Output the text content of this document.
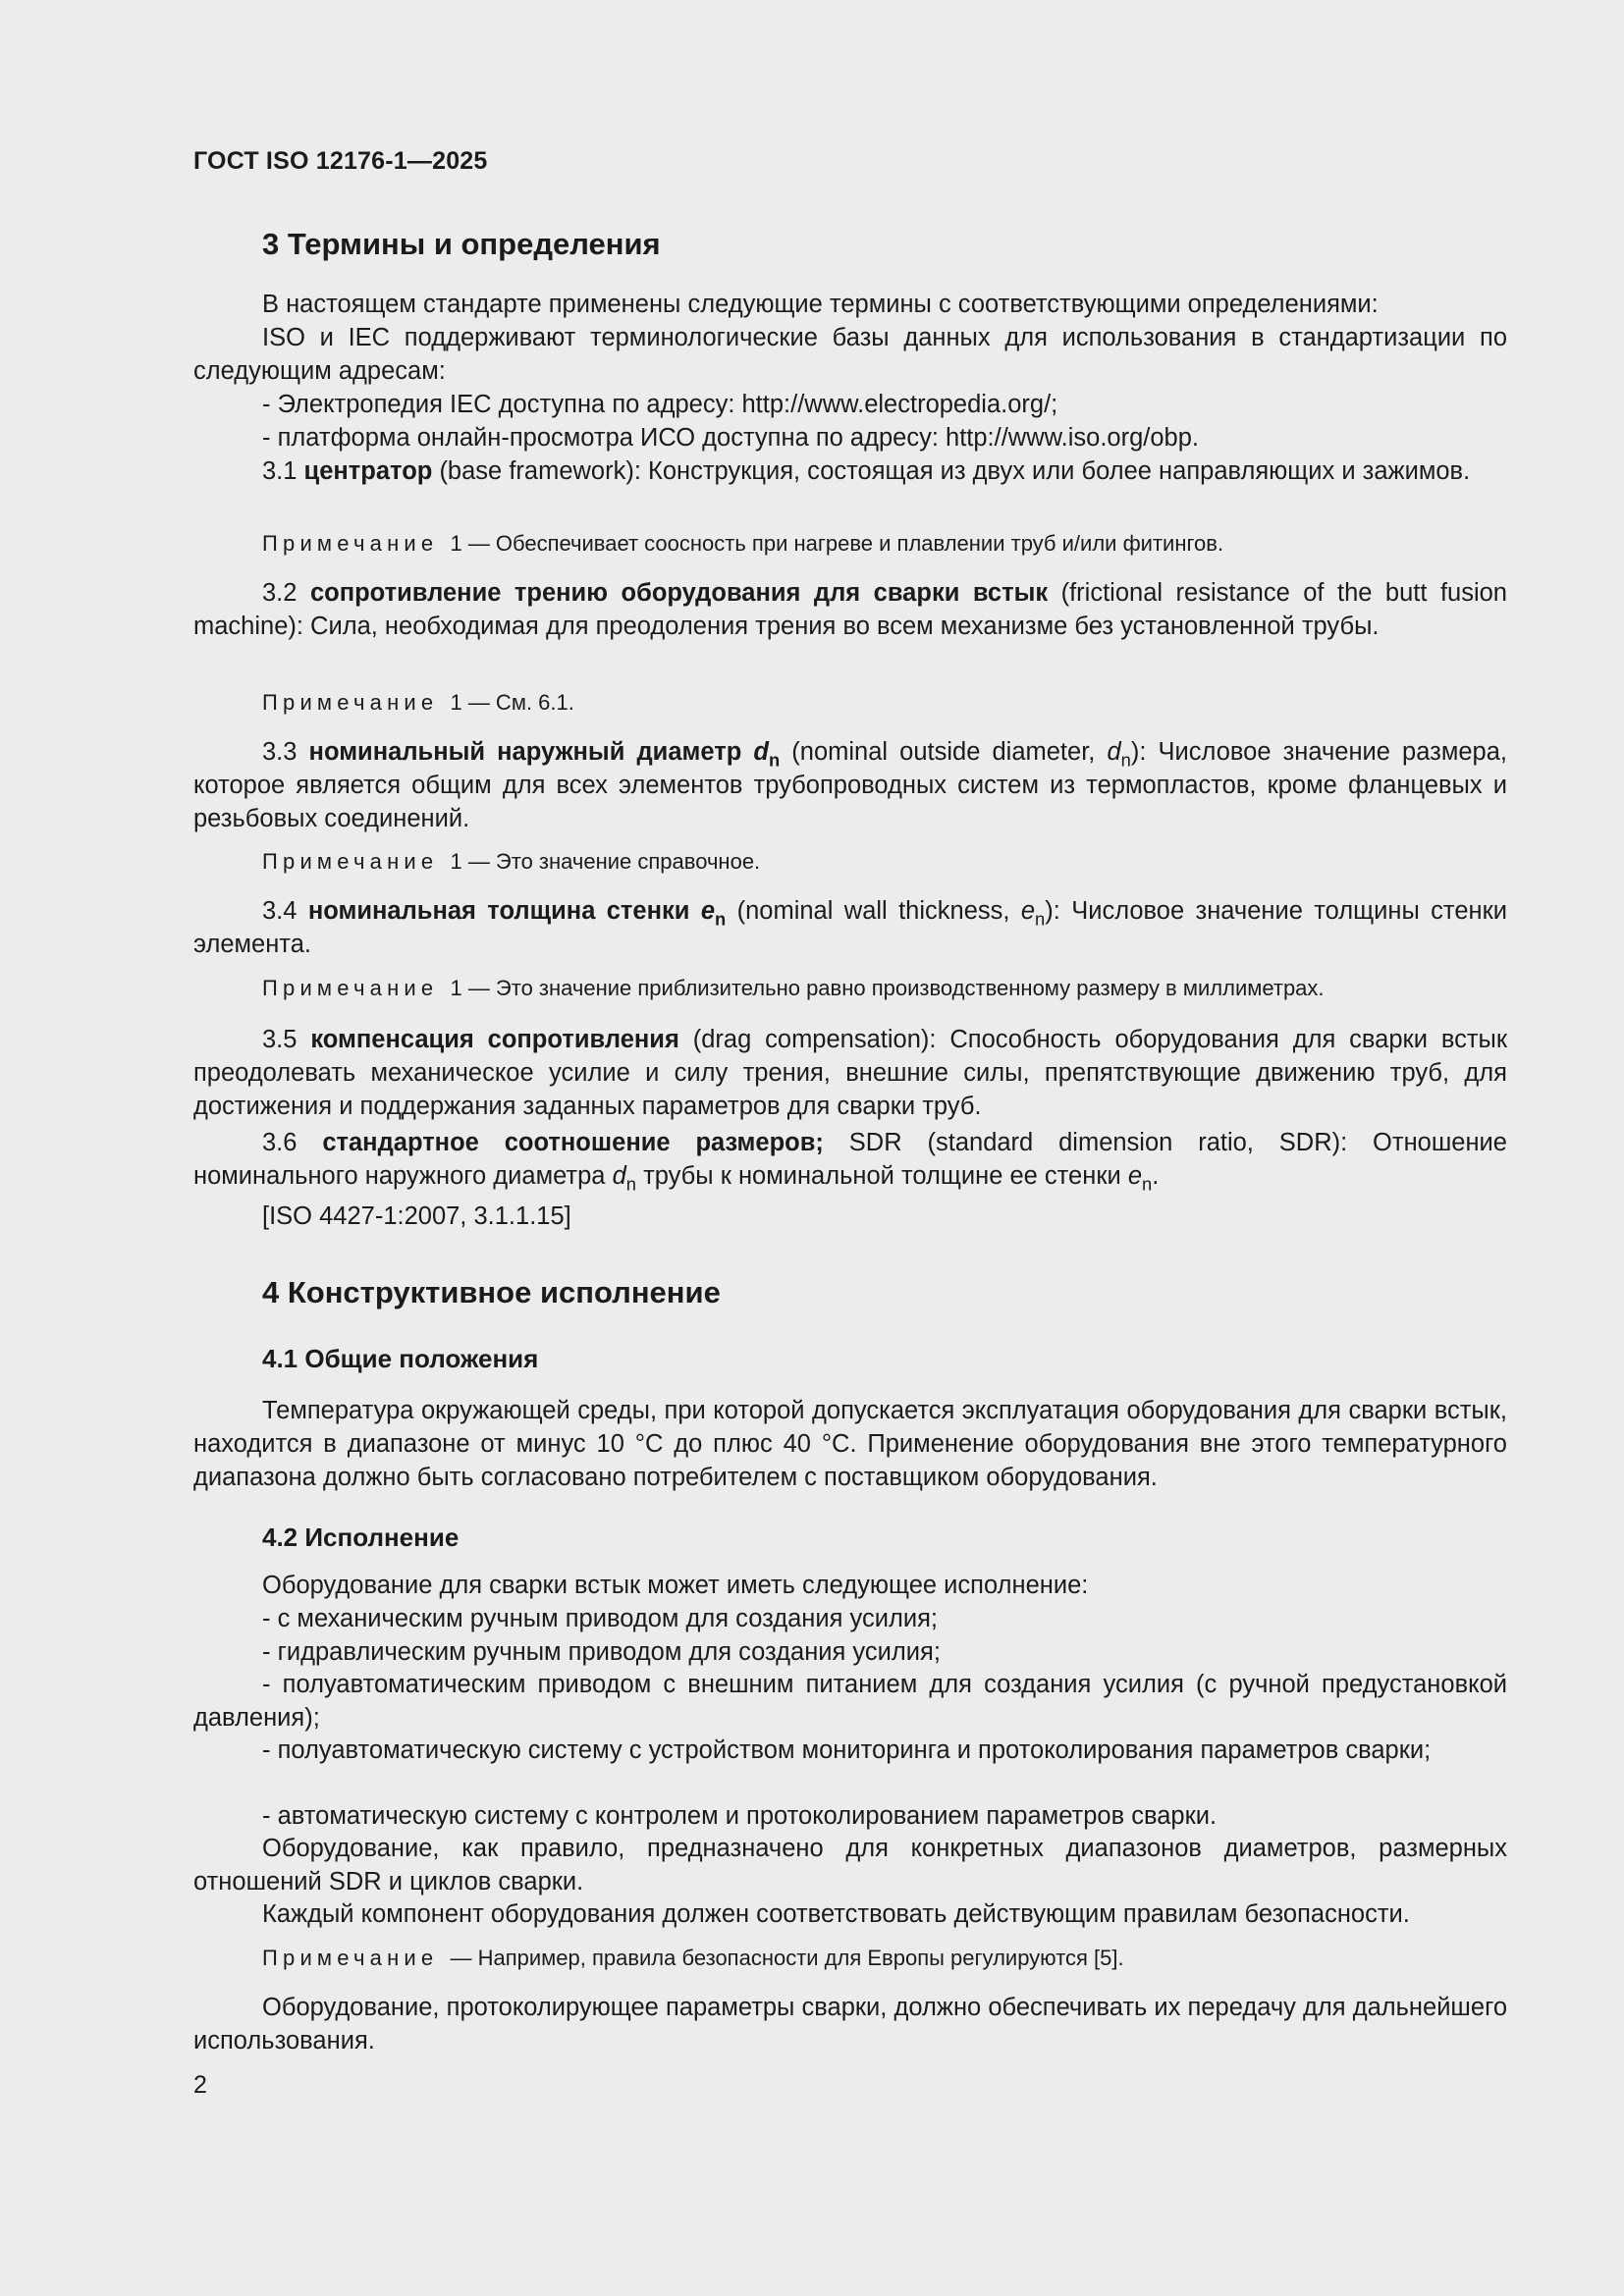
ГОСТ ISO 12176-1—2025
3 Термины и определения

В настоящем стандарте применены следующие термины с соответствующими определениями:

ISO и IEC поддерживают терминологические базы данных для использования в стандартизации по следующим адресам:

- Электропедия IEC доступна по адресу: http://www.electropedia.org/;

- платформа онлайн-просмотра ИСО доступна по адресу: http://www.iso.org/obp.

3.1 центратор (base framework): Конструкция, состоящая из двух или более направляющих и зажимов.

Примечание 1 — Обеспечивает соосность при нагреве и плавлении труб и/или фитингов.

3.2 сопротивление трению оборудования для сварки встык (frictional resistance of the butt fusion machine): Сила, необходимая для преодоления трения во всем механизме без установленной трубы.

Примечание 1 — См. 6.1.

3.3 номинальный наружный диаметр $d_n$ (nominal outside diameter, $d_n$): Числовое значение размера, которое является общим для всех элементов трубопроводных систем из термопластов, кроме фланцевых и резьбовых соединений.

Примечание 1 — Это значение справочное.

3.4 номинальная толщина стенки $e_n$ (nominal wall thickness, $e_n$): Числовое значение толщины стенки элемента.

Примечание 1 — Это значение приблизительно равно производственному размеру в миллиметрах.

3.5 компенсация сопротивления (drag compensation): Способность оборудования для сварки встык преодолевать механическое усилие и силу трения, внешние силы, препятствующие движению труб, для достижения и поддержания заданных параметров для сварки труб.

3.6 стандартное соотношение размеров; SDR (standard dimension ratio, SDR): Отношение номинального наружного диаметра $d_n$ трубы к номинальной толщине ее стенки $e_n$.

[ISO 4427-1:2007, 3.1.1.15]

4 Конструктивное исполнение
4.1 Общие положения

Температура окружающей среды, при которой допускается эксплуатация оборудования для сварки встык, находится в диапазоне от минус 10 °С до плюс 40 °С. Применение оборудования вне этого температурного диапазона должно быть согласовано потребителем с поставщиком оборудования.

4.2 Исполнение

Оборудование для сварки встык может иметь следующее исполнение:

- с механическим ручным приводом для создания усилия;

- гидравлическим ручным приводом для создания усилия;

- полуавтоматическим приводом с внешним питанием для создания усилия (с ручной предустановкой давления);

- полуавтоматическую систему с устройством мониторинга и протоколирования параметров сварки;

- автоматическую систему с контролем и протоколированием параметров сварки.

Оборудование, как правило, предназначено для конкретных диапазонов диаметров, размерных отношений SDR и циклов сварки.

Каждый компонент оборудования должен соответствовать действующим правилам безопасности.

Примечание — Например, правила безопасности для Европы регулируются [5].

Оборудование, протоколирующее параметры сварки, должно обеспечивать их передачу для дальнейшего использования.

2
